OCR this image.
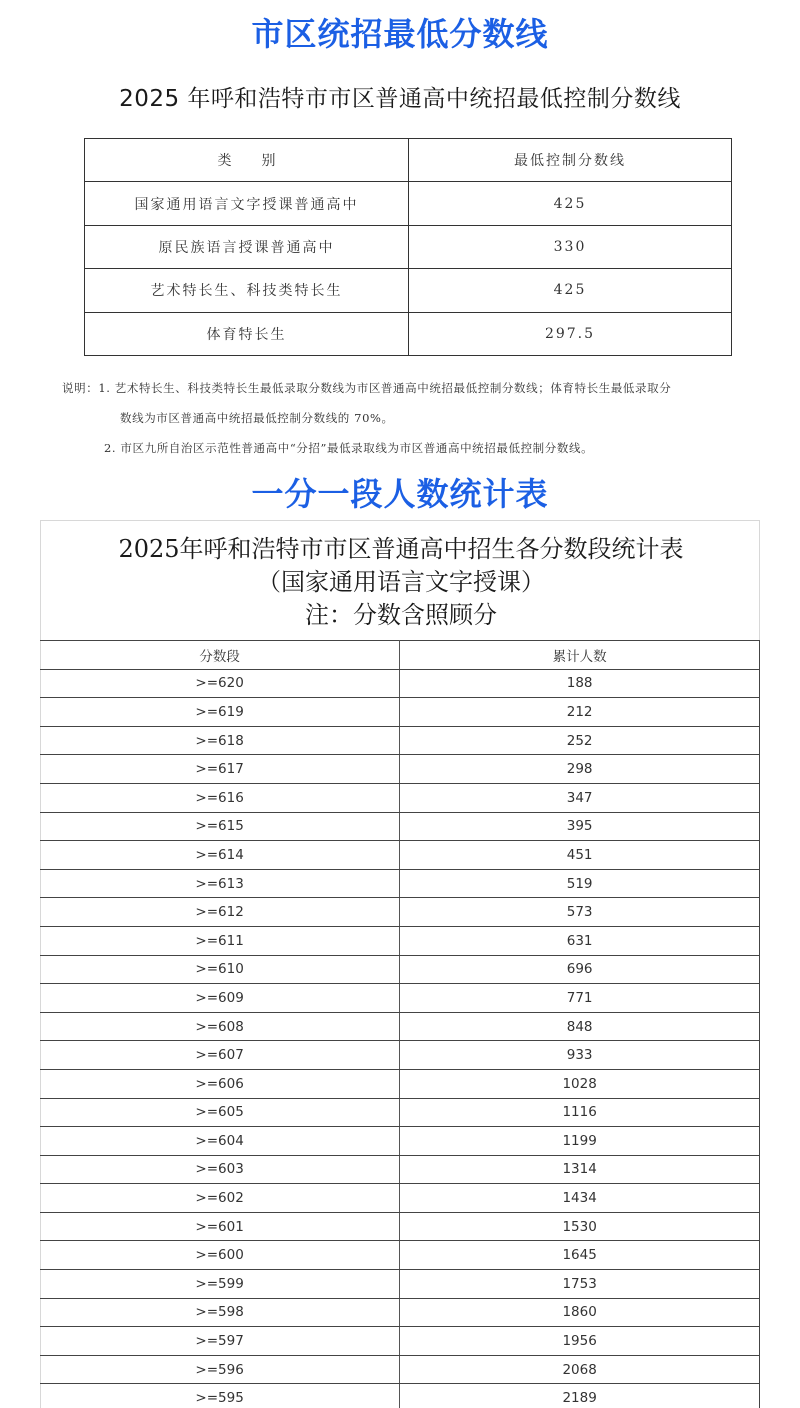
市区统招最低分数线
2025 年呼和浩特市市区普通高中统招最低控制分数线
类别	最低控制分数线
国家通用语言文字授课普通高中	425
原民族语言授课普通高中	330
艺术特长生、科技类特长生	425
体育特长生	297.5
说明：1. 艺术特长生、科技类特长生最低录取分数线为市区普通高中统招最低控制分数线；体育特长生最低录取分
数线为市区普通高中统招最低控制分数线的 70%。
2. 市区九所自治区示范性普通高中“分招”最低录取线为市区普通高中统招最低控制分数线。
一分一段人数统计表
2025年呼和浩特市市区普通高中招生各分数段统计表
（国家通用语言文字授课）
注：分数含照顾分
分数段	累计人数
>=620	188
>=619	212
>=618	252
>=617	298
>=616	347
>=615	395
>=614	451
>=613	519
>=612	573
>=611	631
>=610	696
>=609	771
>=608	848
>=607	933
>=606	1028
>=605	1116
>=604	1199
>=603	1314
>=602	1434
>=601	1530
>=600	1645
>=599	1753
>=598	1860
>=597	1956
>=596	2068
>=595	2189
